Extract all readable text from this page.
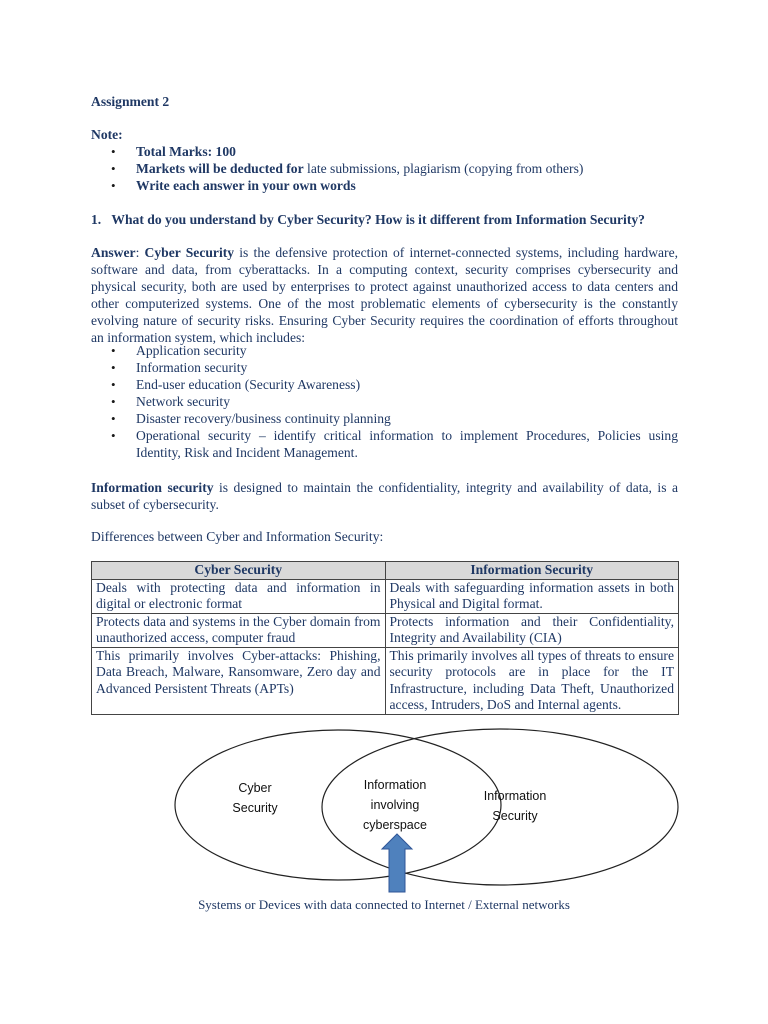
Assignment 2
Note:
• Total Marks: 100
• Markets will be deducted for late submissions, plagiarism (copying from others)
• Write each answer in your own words
1.   What do you understand by Cyber Security? How is it different from Information Security?
Answer: Cyber Security is the defensive protection of internet-connected systems, including hardware, software and data, from cyberattacks. In a computing context, security comprises cybersecurity and physical security, both are used by enterprises to protect against unauthorized access to data centers and other computerized systems. One of the most problematic elements of cybersecurity is the constantly evolving nature of security risks. Ensuring Cyber Security requires the coordination of efforts throughout an information system, which includes:
• Application security
• Information security
• End-user education (Security Awareness)
• Network security
• Disaster recovery/business continuity planning
• Operational security – identify critical information to implement Procedures, Policies using Identity, Risk and Incident Management.
Information security is designed to maintain the confidentiality, integrity and availability of data, is a subset of cybersecurity.
Differences between Cyber and Information Security:
Cyber Security	Information Security
Deals with protecting data and information in digital or electronic format	Deals with safeguarding information assets in both Physical and Digital format.
Protects data and systems in the Cyber domain from unauthorized access, computer fraud	Protects information and their Confidentiality, Integrity and Availability (CIA)
This primarily involves Cyber-attacks: Phishing, Data Breach, Malware, Ransomware, Zero day and Advanced Persistent Threats (APTs)	This primarily involves all types of threats to ensure security protocols are in place for the IT Infrastructure, including Data Theft, Unauthorized access, Intruders, DoS and Internal agents.
Cyber
Security
Information
involving
cyberspace
Information
Security
Systems or Devices with data connected to Internet / External networks
